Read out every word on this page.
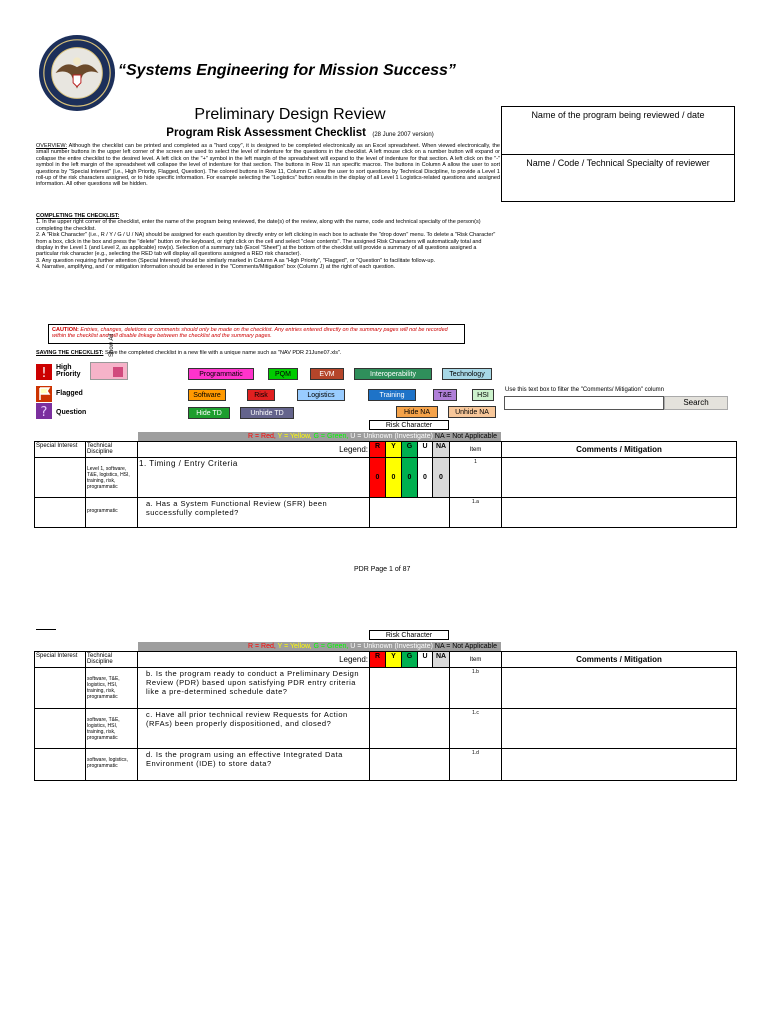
“Systems Engineering for Mission Success”
Preliminary Design Review
Program Risk Assessment Checklist (28 June 2007 version)
Name of the program being reviewed / date
Name / Code / Technical Specialty of reviewer
OVERVIEW: Although the checklist can be printed and completed as a "hard copy", it is designed to be completed electronically as an Excel spreadsheet. When viewed electronically, the small number buttons in the upper left corner of the screen are used to select the level of indenture for the questions in the checklist. A left mouse click on a number button will expand or collapse the entire checklist to the desired level. A left click on the "+" symbol in the left margin of the spreadsheet will expand to the level of indenture for that section. A left click on the "-" symbol in the left margin of the spreadsheet will collapse the level of indenture for that section. The buttons in Row 11 run specific macros. The buttons in Column A allow the user to sort questions by "Special Interest" (i.e., High Priority, Flagged, Question). The colored buttons in Row 11, Column C allow the user to sort questions by Technical Discipline, to provide a Level 1 roll-up of the risk characters assigned, or to hide specific information. For example selecting the "Logistics" button results in the display of all Level 1 Logistics-related questions and assigned information. All other questions will be hidden.
COMPLETING THE CHECKLIST:
1. In the upper right corner of the checklist, enter the name of the program being reviewed, the date(s) of the review, along with the name, code and technical specialty of the person(s) completing the checklist.
2. A "Risk Character" (i.e., R / Y / G / U / NA) should be assigned for each question by directly entry or left clicking in each box to activate the "drop down" menu. To delete a "Risk Character" from a box, click in the box and press the "delete" button on the keyboard, or right click on the cell and select "clear contents". The assigned Risk Characters will automatically total and display in the Level 1 (and Level 2, as applicable) row(s). Selection of a summary tab (Excel "Sheet") at the bottom of the checklist will provide a summary of all questions assigned a particular risk character (e.g., selecting the RED tab will display all questions assigned a RED risk character).
3. Any question requiring further attention (Special Interest) should be similarly marked in Column A as "High Priority", "Flagged", or "Question" to facilitate follow-up.
4. Narrative, amplifying, and / or mitigation information should be entered in the "Comments/Mitigation" box (Column J) at the right of each question.
CAUTION: Entries, changes, deletions or comments should only be made on the checklist. Any entries entered directly on the summary pages will not be recorded within the checklist and will disable linkage between the checklist and the summary pages.
SAVING THE CHECKLIST: Save the completed checklist in a new file with a unique name such as "NAV PDR 21June07.xls".
! High Priority
Flagged
? Question
Show All
Programmatic	PQM	EVM	Interoperability	Technology
Software	Risk	Logistics	Training	T&E	HSI
Hide TD	Unhide TD	Hide NA	Unhide NA
Use this text box to filter the "Comments/ Mitigation" column
Search
Risk Character
R = Red, Y = Yellow, G = Green, U = Unknown (Investigate) NA = Not Applicable
Special Interest	Technical Discipline	Legend:	R	Y	G	U	NA	Item	Comments / Mitigation
	Level 1, software, T&E, logistics, HSI, training, risk, programmatic	1. Timing / Entry Criteria	0	0	0	0	0	1	
	programmatic	a. Has a System Functional Review (SFR) been successfully completed?						1.a	
PDR Page 1 of 87
Risk Character
R = Red, Y = Yellow, G = Green, U = Unknown (Investigate) NA = Not Applicable
Special Interest	Technical Discipline	Legend:	R	Y	G	U	NA	Item	Comments / Mitigation
	software, T&E, logistics, HSI, training, risk, programmatic	b. Is the program ready to conduct a Preliminary Design Review (PDR) based upon satisfying PDR entry criteria like a pre-determined schedule date?						1.b	
	software, T&E, logistics, HSI, training, risk, programmatic	c. Have all prior technical review Requests for Action (RFAs) been properly dispositioned, and closed?						1.c	
	software, logistics, programmatic	d. Is the program using an effective Integrated Data Environment (IDE) to store data?						1.d	
